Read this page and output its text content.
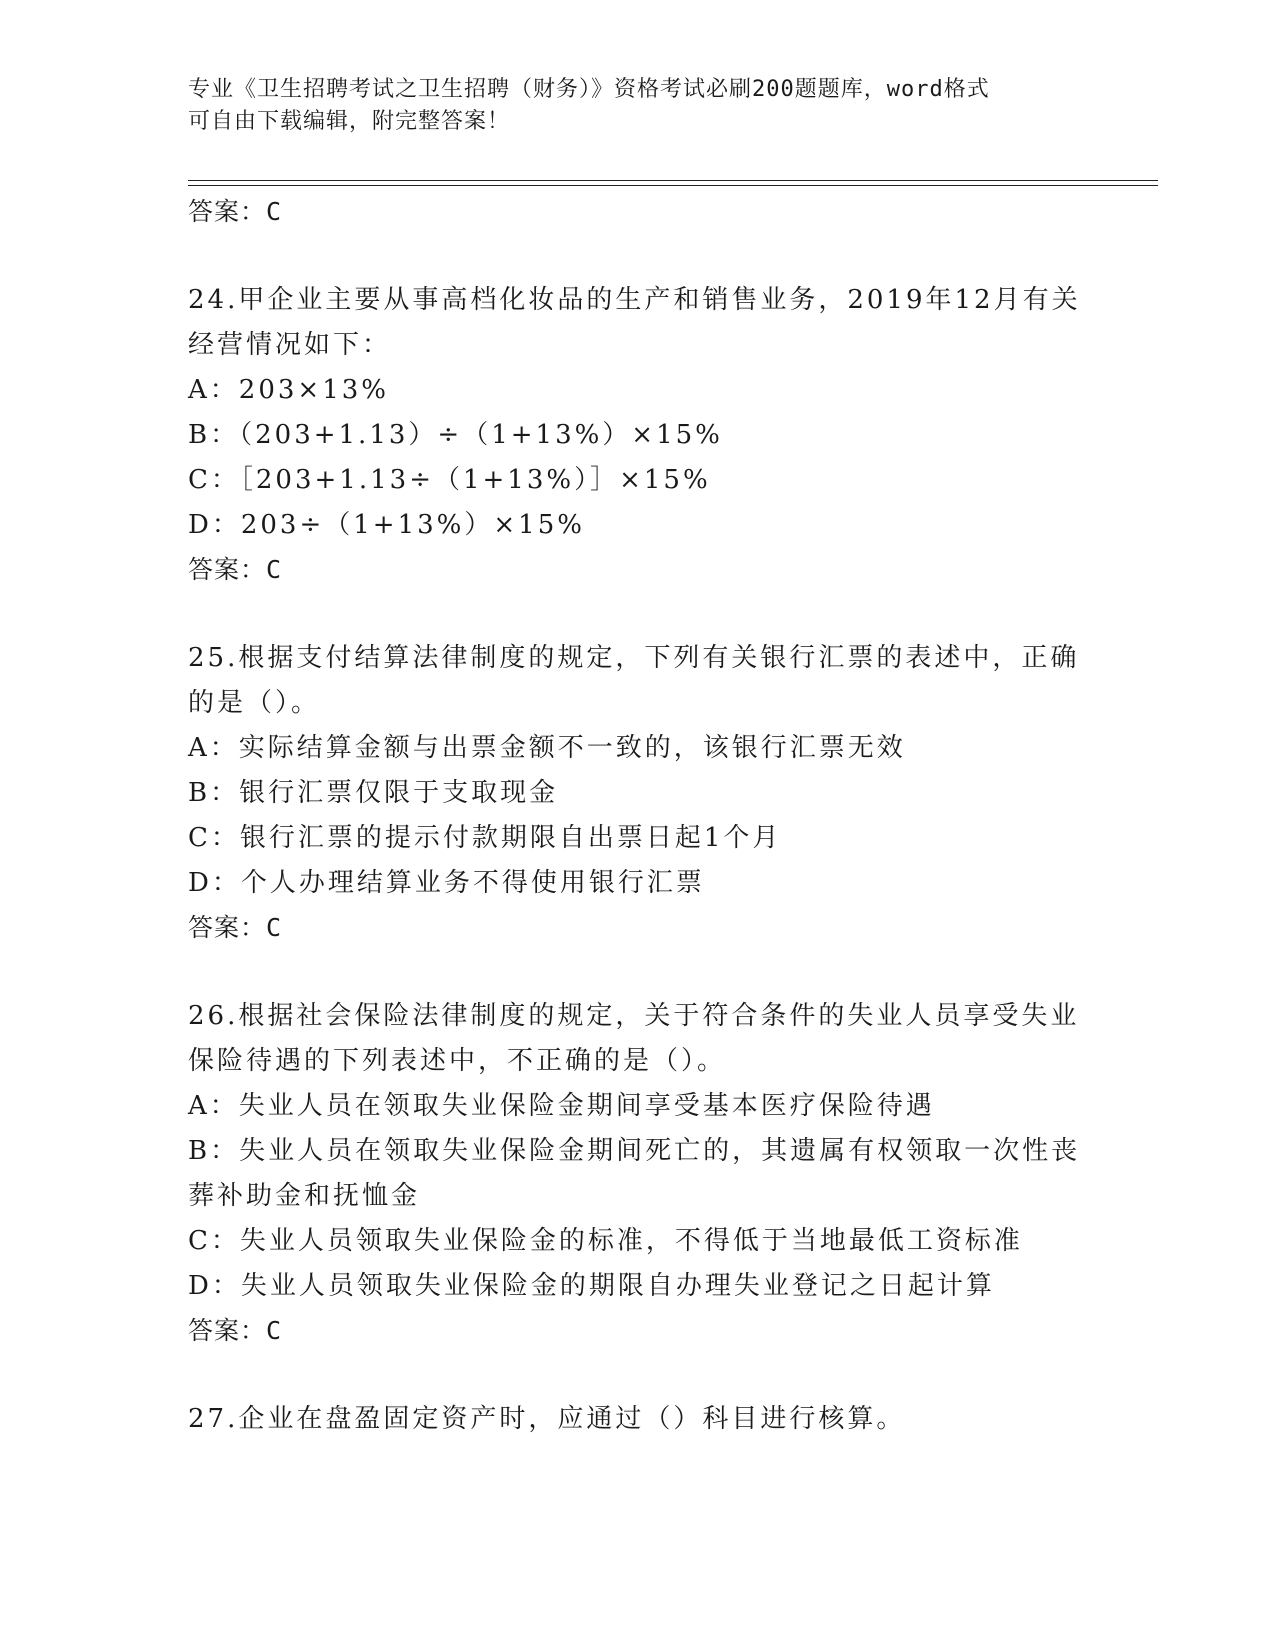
专业《卫生招聘考试之卫生招聘（财务）》资格考试必刷200题题库，word格式
可自由下载编辑，附完整答案！
答案：C
24.甲企业主要从事高档化妆品的生产和销售业务，2019年12月有关经营情况如下：
A：203×13%
B：（203+1.13）÷（1+13%）×15%
C：［203+1.13÷（1+13%）］×15%
D：203÷（1+13%）×15%
答案：C
25.根据支付结算法律制度的规定，下列有关银行汇票的表述中，正确的是（）。
A：实际结算金额与出票金额不一致的，该银行汇票无效
B：银行汇票仅限于支取现金
C：银行汇票的提示付款期限自出票日起1个月
D：个人办理结算业务不得使用银行汇票
答案：C
26.根据社会保险法律制度的规定，关于符合条件的失业人员享受失业保险待遇的下列表述中，不正确的是（）。
A：失业人员在领取失业保险金期间享受基本医疗保险待遇
B：失业人员在领取失业保险金期间死亡的，其遗属有权领取一次性丧葬补助金和抚恤金
C：失业人员领取失业保险金的标准，不得低于当地最低工资标准
D：失业人员领取失业保险金的期限自办理失业登记之日起计算
答案：C
27.企业在盘盈固定资产时，应通过（）科目进行核算。
